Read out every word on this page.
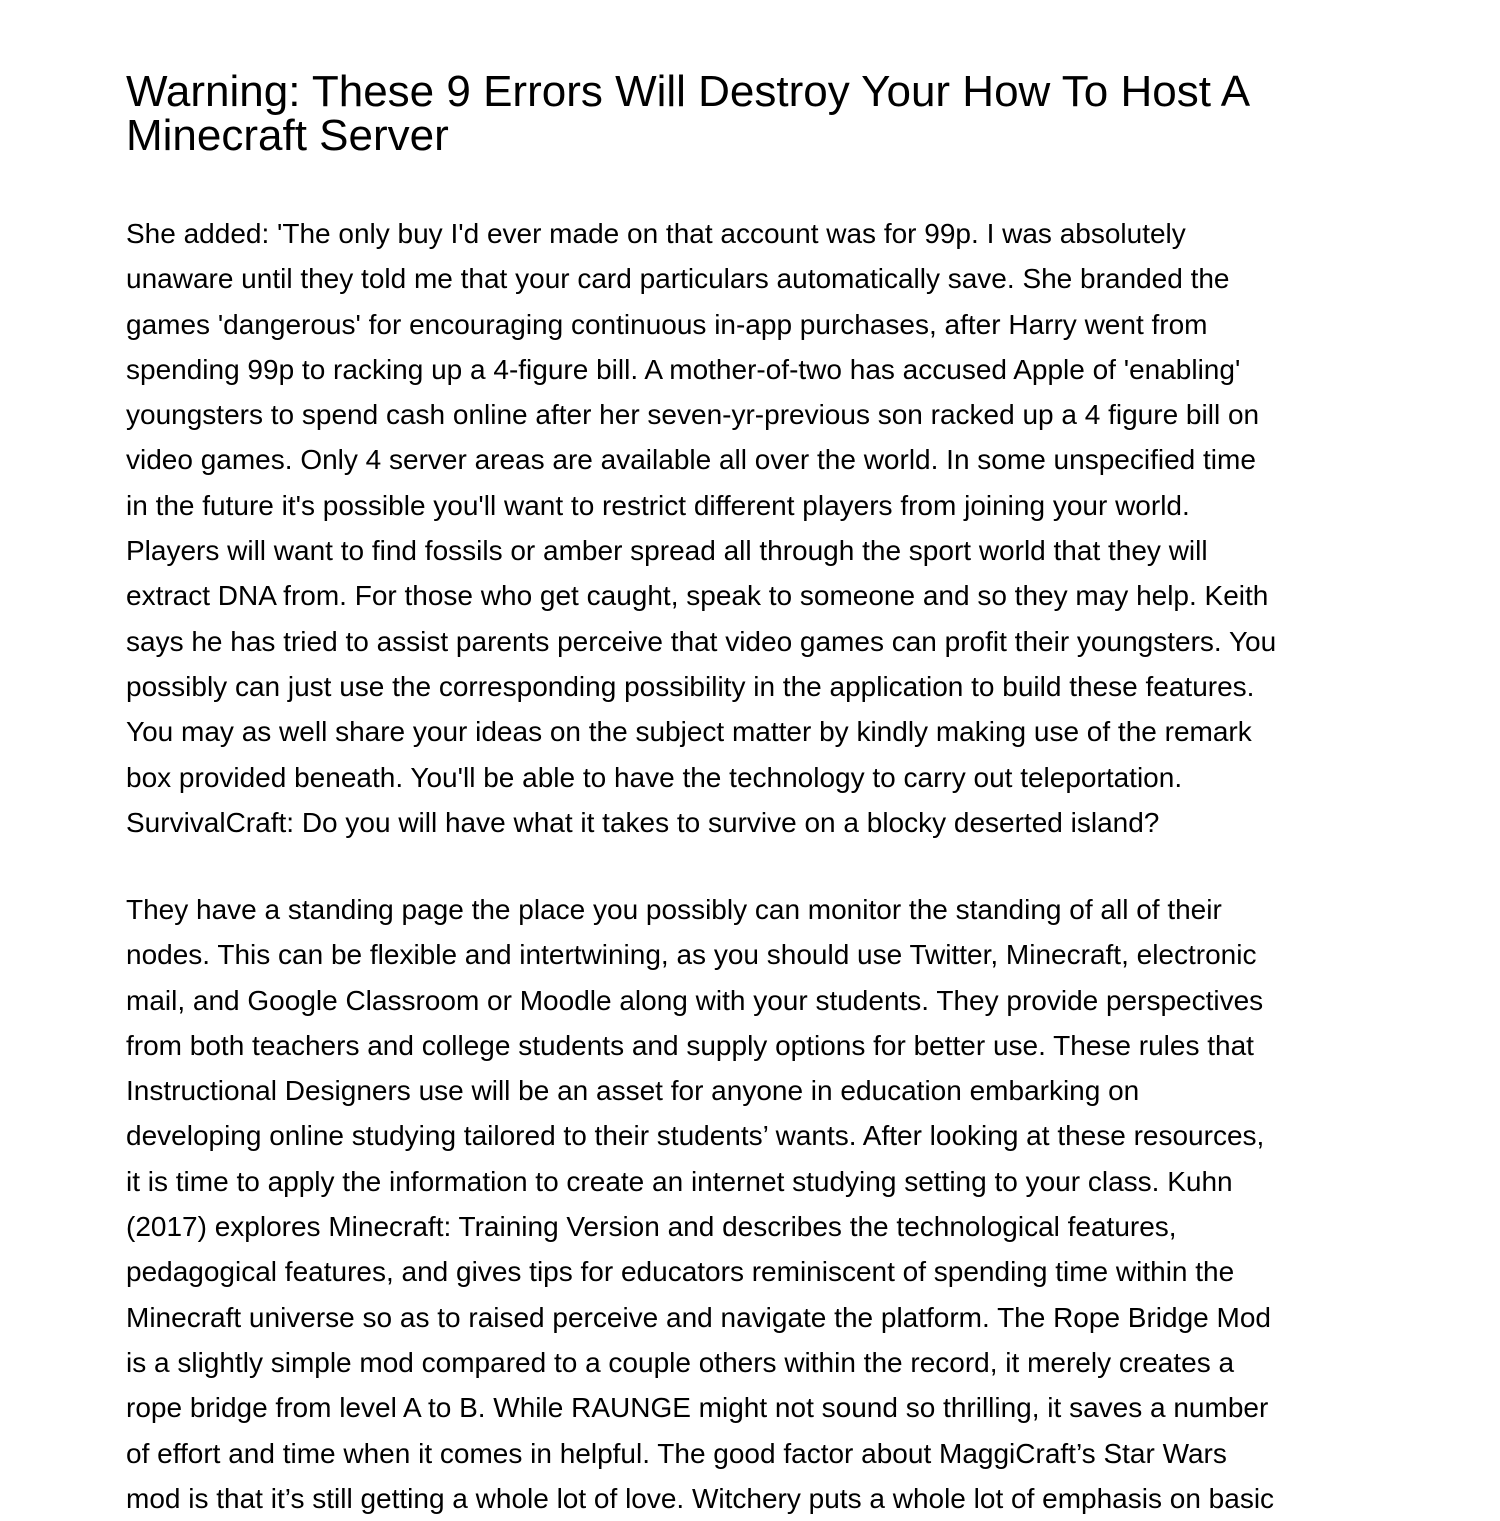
Warning: These 9 Errors Will Destroy Your How To Host A
Minecraft Server
She added: 'The only buy I'd ever made on that account was for 99p. I was absolutely
unaware until they told me that your card particulars automatically save. She branded the
games 'dangerous' for encouraging continuous in-app purchases, after Harry went from
spending 99p to racking up a 4-figure bill. A mother-of-two has accused Apple of 'enabling'
youngsters to spend cash online after her seven-yr-previous son racked up a 4 figure bill on
video games. Only 4 server areas are available all over the world. In some unspecified time
in the future it's possible you'll want to restrict different players from joining your world.
Players will want to find fossils or amber spread all through the sport world that they will
extract DNA from. For those who get caught, speak to someone and so they may help. Keith
says he has tried to assist parents perceive that video games can profit their youngsters. You
possibly can just use the corresponding possibility in the application to build these features.
You may as well share your ideas on the subject matter by kindly making use of the remark
box provided beneath. You'll be able to have the technology to carry out teleportation.
SurvivalCraft: Do you will have what it takes to survive on a blocky deserted island?
They have a standing page the place you possibly can monitor the standing of all of their
nodes. This can be flexible and intertwining, as you should use Twitter, Minecraft, electronic
mail, and Google Classroom or Moodle along with your students. They provide perspectives
from both teachers and college students and supply options for better use. These rules that
Instructional Designers use will be an asset for anyone in education embarking on
developing online studying tailored to their students’ wants. After looking at these resources,
it is time to apply the information to create an internet studying setting to your class. Kuhn
(2017) explores Minecraft: Training Version and describes the technological features,
pedagogical features, and gives tips for educators reminiscent of spending time within the
Minecraft universe so as to raised perceive and navigate the platform. The Rope Bridge Mod
is a slightly simple mod compared to a couple others within the record, it merely creates a
rope bridge from level A to B. While RAUNGE might not sound so thrilling, it saves a number
of effort and time when it comes in helpful. The good factor about MaggiCraft’s Star Wars
mod is that it’s still getting a whole lot of love. Witchery puts a whole lot of emphasis on basic
